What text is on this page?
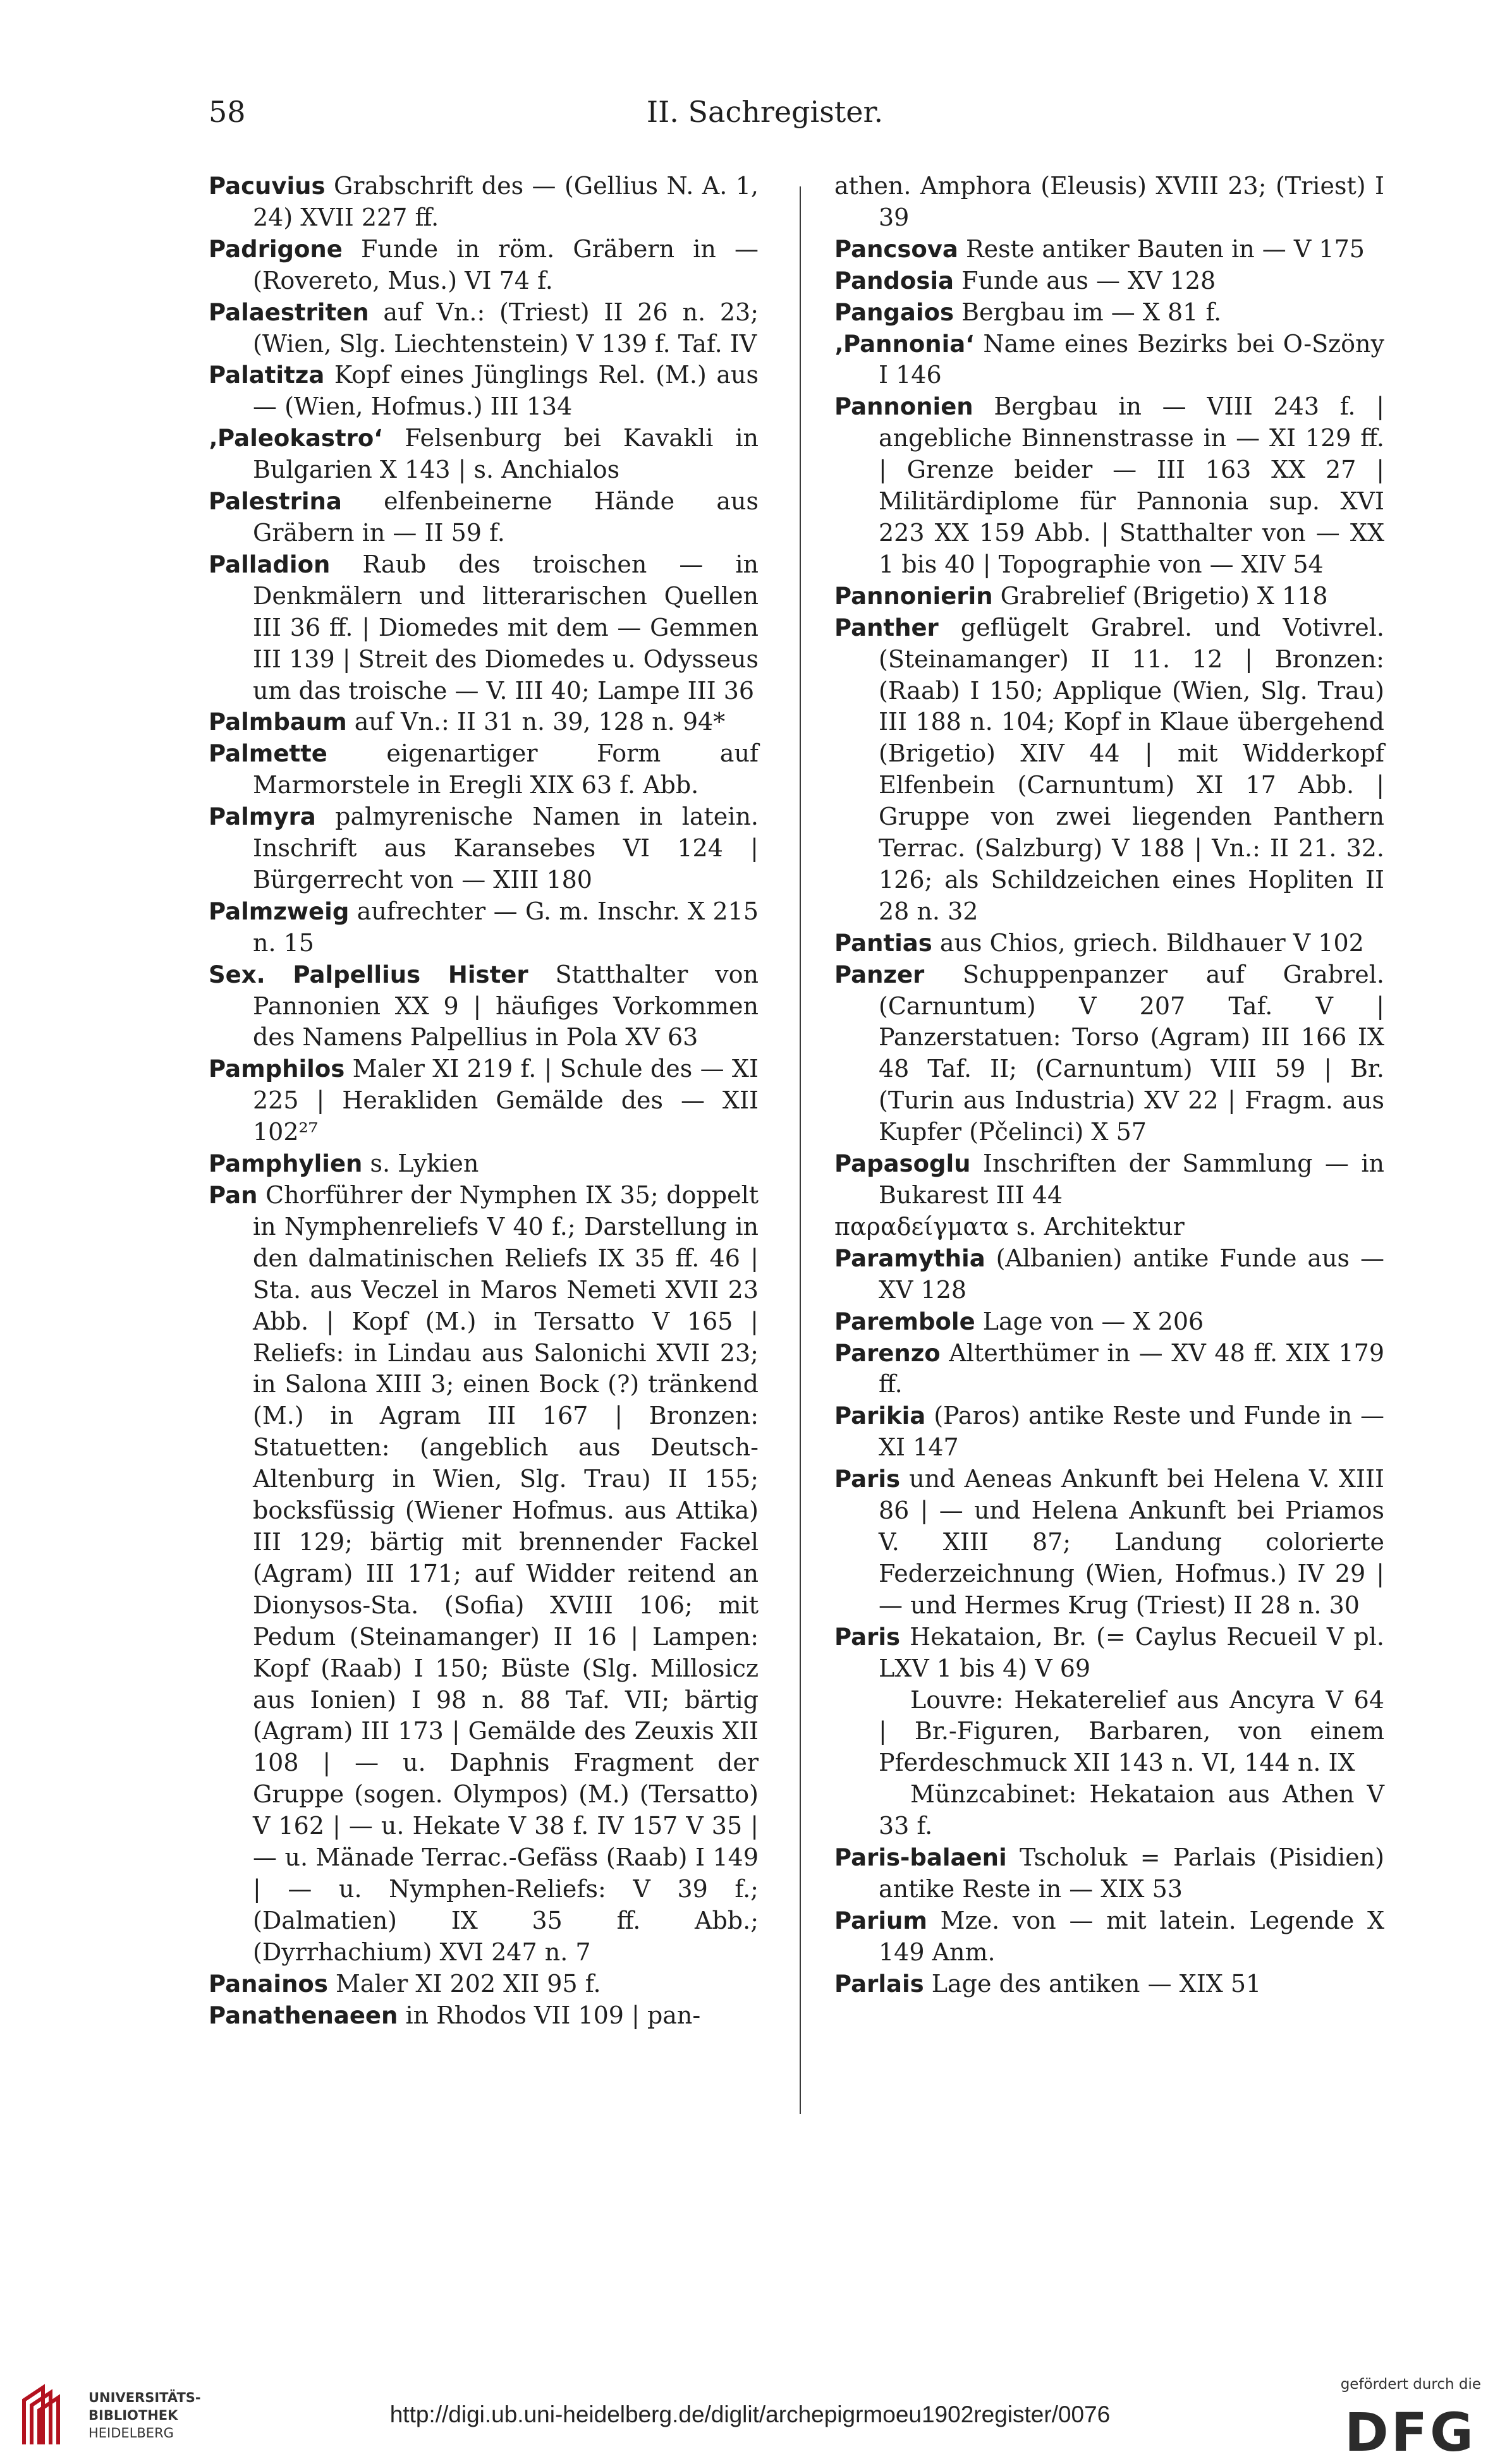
58	II. Sachregister.
Pacuvius Grabschrift des — (Gellius N. A. 1, 24) XVII 227 ff.
Padrigone Funde in röm. Gräbern in — (Rovereto, Mus.) VI 74 f.
Palaestriten auf Vn.: (Triest) II 26 n. 23; (Wien, Slg. Liechtenstein) V 139 f. Taf. IV
Palatitza Kopf eines Jünglings Rel. (M.) aus — (Wien, Hofmus.) III 134
‚Paleokastro‘ Felsenburg bei Kavakli in Bulgarien X 143 | s. Anchialos
Palestrina elfenbeinerne Hände aus Gräbern in — II 59 f.
Palladion Raub des troischen — in Denkmälern und litterarischen Quellen III 36 ff. | Diomedes mit dem — Gemmen III 139 | Streit des Diomedes u. Odysseus um das troische — V. III 40; Lampe III 36
Palmbaum auf Vn.: II 31 n. 39, 128 n. 94*
Palmette eigenartiger Form auf Marmorstele in Eregli XIX 63 f. Abb.
Palmyra palmyrenische Namen in latein. Inschrift aus Karansebes VI 124 | Bürgerrecht von — XIII 180
Palmzweig aufrechter — G. m. Inschr. X 215 n. 15
Sex. Palpellius Hister Statthalter von Pannonien XX 9 | häufiges Vorkommen des Namens Palpellius in Pola XV 63
Pamphilos Maler XI 219 f. | Schule des — XI 225 | Herakliden Gemälde des — XII 102²⁷
Pamphylien s. Lykien
Pan Chorführer der Nymphen IX 35; doppelt in Nymphenreliefs V 40 f.; Darstellung in den dalmatinischen Reliefs IX 35 ff. 46 | Sta. aus Veczel in Maros Nemeti XVII 23 Abb. | Kopf (M.) in Tersatto V 165 | Reliefs: in Lindau aus Salonichi XVII 23; in Salona XIII 3; einen Bock (?) tränkend (M.) in Agram III 167 | Bronzen: Statuetten: (angeblich aus Deutsch-Altenburg in Wien, Slg. Trau) II 155; bocksfüssig (Wiener Hofmus. aus Attika) III 129; bärtig mit brennender Fackel (Agram) III 171; auf Widder reitend an Dionysos-Sta. (Sofia) XVIII 106; mit Pedum (Steinamanger) II 16 | Lampen: Kopf (Raab) I 150; Büste (Slg. Millosicz aus Ionien) I 98 n. 88 Taf. VII; bärtig (Agram) III 173 | Gemälde des Zeuxis XII 108 | — u. Daphnis Fragment der Gruppe (sogen. Olympos) (M.) (Tersatto) V 162 | — u. Hekate V 38 f. IV 157 V 35 | — u. Mänade Terrac.-Gefäss (Raab) I 149 | — u. Nymphen-Reliefs: V 39 f.; (Dalmatien) IX 35 ff. Abb.; (Dyrrhachium) XVI 247 n. 7
Panainos Maler XI 202 XII 95 f.
Panathenaeen in Rhodos VII 109 | pan-
athen. Amphora (Eleusis) XVIII 23; (Triest) I 39
Pancsova Reste antiker Bauten in — V 175
Pandosia Funde aus — XV 128
Pangaios Bergbau im — X 81 f.
‚Pannonia‘ Name eines Bezirks bei O-Szöny I 146
Pannonien Bergbau in — VIII 243 f. | angebliche Binnenstrasse in — XI 129 ff. | Grenze beider — III 163 XX 27 | Militärdiplome für Pannonia sup. XVI 223 XX 159 Abb. | Statthalter von — XX 1 bis 40 | Topographie von — XIV 54
Pannonierin Grabrelief (Brigetio) X 118
Panther geflügelt Grabrel. und Votivrel. (Steinamanger) II 11. 12 | Bronzen: (Raab) I 150; Applique (Wien, Slg. Trau) III 188 n. 104; Kopf in Klaue übergehend (Brigetio) XIV 44 | mit Widderkopf Elfenbein (Carnuntum) XI 17 Abb. | Gruppe von zwei liegenden Panthern Terrac. (Salzburg) V 188 | Vn.: II 21. 32. 126; als Schildzeichen eines Hopliten II 28 n. 32
Pantias aus Chios, griech. Bildhauer V 102
Panzer Schuppenpanzer auf Grabrel. (Carnuntum) V 207 Taf. V | Panzerstatuen: Torso (Agram) III 166 IX 48 Taf. II; (Carnuntum) VIII 59 | Br. (Turin aus Industria) XV 22 | Fragm. aus Kupfer (Pčelinci) X 57
Papasoglu Inschriften der Sammlung — in Bukarest III 44
παραδείγματα s. Architektur
Paramythia (Albanien) antike Funde aus — XV 128
Parembole Lage von — X 206
Parenzo Alterthümer in — XV 48 ff. XIX 179 ff.
Parikia (Paros) antike Reste und Funde in — XI 147
Paris und Aeneas Ankunft bei Helena V. XIII 86 | — und Helena Ankunft bei Priamos V. XIII 87; Landung colorierte Federzeichnung (Wien, Hofmus.) IV 29 | — und Hermes Krug (Triest) II 28 n. 30
Paris Hekataion, Br. (= Caylus Recueil V pl. LXV 1 bis 4) V 69
Louvre: Hekaterelief aus Ancyra V 64 | Br.-Figuren, Barbaren, von einem Pferdeschmuck XII 143 n. VI, 144 n. IX
Münzcabinet: Hekataion aus Athen V 33 f.
Paris-balaeni Tscholuk = Parlais (Pisidien) antike Reste in — XIX 53
Parium Mze. von — mit latein. Legende X 149 Anm.
Parlais Lage des antiken — XIX 51
UNIVERSITÄTS-
BIBLIOTHEK
HEIDELBERG
http://digi.ub.uni-heidelberg.de/diglit/archepigrmoeu1902register/0076
gefördert durch die
DFG
